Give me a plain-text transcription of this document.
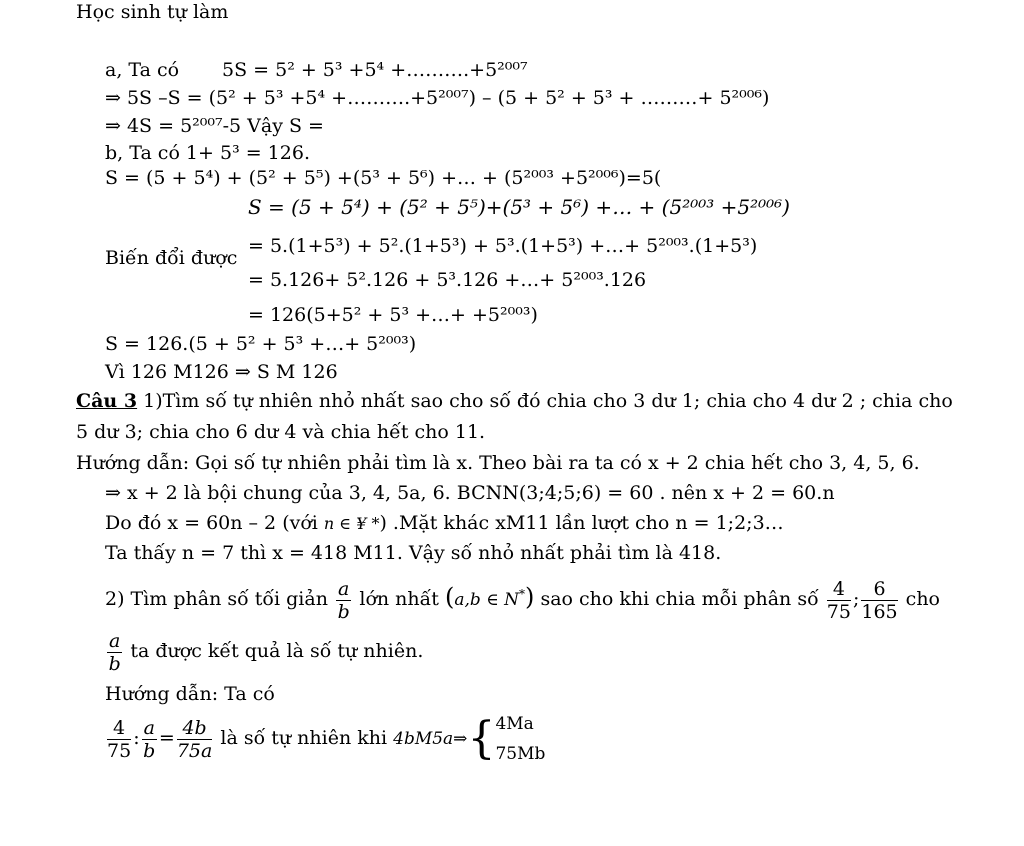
Học sinh tự làm
a, Ta có 5S = 5² + 5³ +5⁴ +……….+5²⁰⁰⁷
⇒ 5S –S = (5² + 5³ +5⁴ +……….+5²⁰⁰⁷) – (5 + 5² + 5³ + ………+ 5²⁰⁰⁶)
⇒ 4S = 5²⁰⁰⁷-5 Vậy S =
b, Ta có 1+ 5³ = 126.
S = (5 + 5⁴) + (5² + 5⁵) +(5³ + 5⁶) +… + (5²⁰⁰³ +5²⁰⁰⁶)=5(
S = (5 + 5⁴) + (5² + 5⁵)+(5³ + 5⁶) +… + (5²⁰⁰³ +5²⁰⁰⁶)
Biến đổi được
= 5.(1+5³) + 5².(1+5³) + 5³.(1+5³) +…+ 5²⁰⁰³.(1+5³)
= 5.126+ 5².126 + 5³.126 +…+ 5²⁰⁰³.126
= 126(5+5² + 5³ +…+ +5²⁰⁰³)
S = 126.(5 + 5² + 5³ +…+ 5²⁰⁰³)
Vì 126 M126 ⇒ S M 126
Câu 3 1)Tìm số tự nhiên nhỏ nhất sao cho số đó chia cho 3 dư 1; chia cho 4 dư 2 ; chia cho
5 dư 3; chia cho 6 dư 4 và chia hết cho 11.
Hướng dẫn: Gọi số tự nhiên phải tìm là x. Theo bài ra ta có x + 2 chia hết cho 3, 4, 5, 6.
⇒ x + 2 là bội chung của 3, 4, 5a, 6. BCNN(3;4;5;6) = 60 . nên x + 2 = 60.n
Do đó x = 60n – 2 (với n ∈ ¥ *) .Mặt khác xM11 lần lượt cho n = 1;2;3…
Ta thấy n = 7 thì x = 418 M11. Vậy số nhỏ nhất phải tìm là 418.
2) Tìm phân số tối giản $\frac{a}{b}$ lớn nhất (a,b ∈ N*) sao cho khi chia mỗi phân số $\frac{4}{75}$ ; $\frac{6}{165}$ cho
$\frac{a}{b}$ ta được kết quả là số tự nhiên.
Hướng dẫn: Ta có
$\frac{4}{75}$ : $\frac{a}{b} = \frac{4b}{75a}$ là số tự nhiên khi 4bM5a⇒{ 4Ma
75Mb
